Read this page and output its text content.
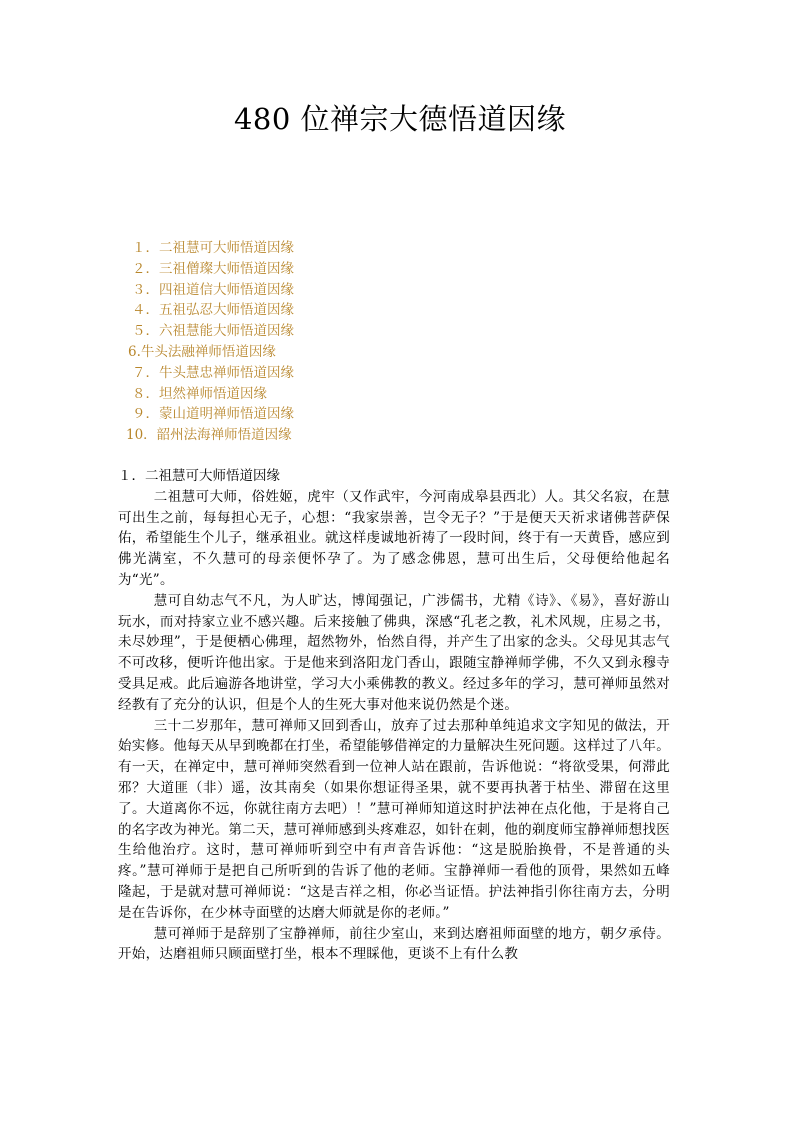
480 位禅宗大德悟道因缘
１．二祖慧可大师悟道因缘
２．三祖僧璨大师悟道因缘
３．四祖道信大师悟道因缘
４．五祖弘忍大师悟道因缘
５．六祖慧能大师悟道因缘
6.牛头法融禅师悟道因缘
７．牛头慧忠禅师悟道因缘
８．坦然禅师悟道因缘
９．蒙山道明禅师悟道因缘
10．韶州法海禅师悟道因缘
１．二祖慧可大师悟道因缘

二祖慧可大师，俗姓姬，虎牢（又作武牢，今河南成皋县西北）人。其父名寂，在慧可出生之前，每每担心无子，心想：“我家崇善，岂令无子？”于是便天天祈求诸佛菩萨保佑，希望能生个儿子，继承祖业。就这样虔诚地祈祷了一段时间，终于有一天黄昏，感应到佛光满室，不久慧可的母亲便怀孕了。为了感念佛恩，慧可出生后，父母便给他起名为“光”。

慧可自幼志气不凡，为人旷达，博闻强记，广涉儒书，尤精《诗》、《易》，喜好游山玩水，而对持家立业不感兴趣。后来接触了佛典，深感“孔老之教，礼术风规，庄易之书，未尽妙理”，于是便栖心佛理，超然物外，怡然自得，并产生了出家的念头。父母见其志气不可改移，便听许他出家。于是他来到洛阳龙门香山，跟随宝静禅师学佛，不久又到永穆寺受具足戒。此后遍游各地讲堂，学习大小乘佛教的教义。经过多年的学习，慧可禅师虽然对经教有了充分的认识，但是个人的生死大事对他来说仍然是个迷。

三十二岁那年，慧可禅师又回到香山，放弃了过去那种单纯追求文字知见的做法，开始实修。他每天从早到晚都在打坐，希望能够借禅定的力量解决生死问题。这样过了八年。有一天，在禅定中，慧可禅师突然看到一位神人站在跟前，告诉他说：“将欲受果，何滞此邪？大道匪（非）遥，汝其南矣（如果你想证得圣果，就不要再执著于枯坐、滞留在这里了。大道离你不远，你就往南方去吧）！”慧可禅师知道这时护法神在点化他，于是将自己的名字改为神光。第二天，慧可禅师感到头疼难忍，如针在刺，他的剃度师宝静禅师想找医生给他治疗。这时，慧可禅师听到空中有声音告诉他：“这是脱胎换骨，不是普通的头疼。”慧可禅师于是把自己所听到的告诉了他的老师。宝静禅师一看他的顶骨，果然如五峰隆起，于是就对慧可禅师说：“这是吉祥之相，你必当证悟。护法神指引你往南方去，分明是在告诉你，在少林寺面壁的达磨大师就是你的老师。”

慧可禅师于是辞别了宝静禅师，前往少室山，来到达磨祖师面壁的地方，朝夕承侍。开始，达磨祖师只顾面壁打坐，根本不理睬他，更谈不上有什么教
